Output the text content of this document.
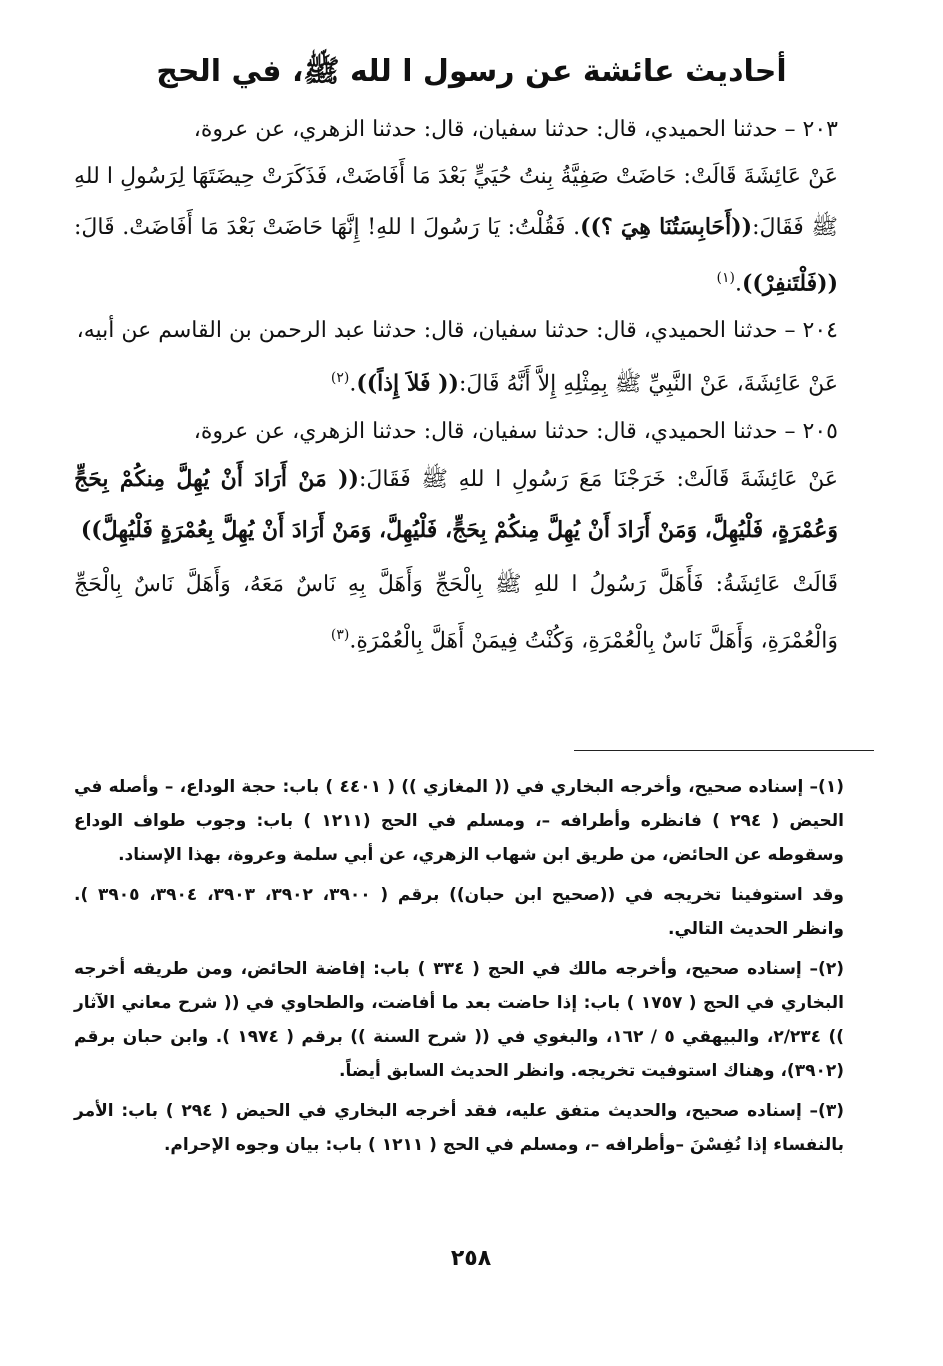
أحاديث عائشة عن رسول ا لله ﷺ، في الحج

٢٠٣ – حدثنا الحميدي، قال: حدثنا سفيان، قال: حدثنا الزهري، عن عروة،

عَنْ عَائِشَةَ قَالَتْ: حَاضَتْ صَفِيَّةُ بِنتُ حُيَيٍّ بَعْدَ مَا أَفَاضَتْ، فَذَكَرَتْ حِيضَتَهَا لِرَسُولِ ا للهِ ﷺ فَقَالَ:((أَحَابِسَتُنَا هِيَ ؟)). فَقُلْتُ: يَا رَسُولَ ا للهِ! إِنَّهَا حَاضَتْ بَعْدَ مَا أَفَاضَتْ. قَالَ:((فَلْتَنفِرْ)).$^{(١)}$

٢٠٤ – حدثنا الحميدي، قال: حدثنا سفيان، قال: حدثنا عبد الرحمن بن القاسم عن أبيه،

عَنْ عَائِشَةَ، عَنْ النَّبِيِّ ﷺ بِمِثْلِهِ إِلاَّ أَنَّهُ قَالَ:(( فَلاَ إِذاً)).$^{(٢)}$

٢٠٥ – حدثنا الحميدي، قال: حدثنا سفيان، قال: حدثنا الزهري، عن عروة،

عَنْ عَائِشَةَ قَالَتْ: خَرَجْنَا مَعَ رَسُولِ ا للهِ ﷺ فَقَالَ:(( مَنْ أَرَادَ أَنْ يُهِلَّ مِنكُمْ بِحَجٍّ وَعُمْرَةٍ، فَلْيُهِلَّ، وَمَنْ أَرَادَ أَنْ يُهِلَّ مِنكُمْ بِحَجٍّ، فَلْيُهِلَّ، وَمَنْ أَرَادَ أَنْ يُهِلَّ بِعُمْرَةٍ فَلْيُهِلَّ))

قَالَتْ عَائِشَةُ: فَأَهَلَّ رَسُولُ ا للهِ ﷺ بِالْحَجِّ وَأَهَلَّ بِهِ نَاسٌ مَعَهُ، وَأَهَلَّ نَاسٌ بِالْحَجِّ وَالْعُمْرَةِ، وَأَهَلَّ نَاسٌ بِالْعُمْرَةِ، وَكُنْتُ فِيمَنْ أَهَلَّ بِالْعُمْرَةِ.$^{(٣)}$

(١)– إسناده صحيح، وأخرجه البخاري في (( المغازي )) ( ٤٤٠١ ) باب: حجة الوداع، – وأصله في الحيض ( ٢٩٤ ) فانظره وأطرافه –، ومسلم في الحج (١٢١١ ) باب: وجوب طواف الوداع وسقوطه عن الحائض، من طريق ابن شهاب الزهري، عن أبي سلمة وعروة، بهذا الإسناد.

وقد استوفينا تخريجه في ((صحيح ابن حبان)) برقم ( ٣٩٠٠، ٣٩٠٢، ٣٩٠٣، ٣٩٠٤، ٣٩٠٥ ). وانظر الحديث التالي.

(٢)– إسناده صحيح، وأخرجه مالك في الحج ( ٣٣٤ ) باب: إفاضة الحائض، ومن طريقه أخرجه البخاري في الحج ( ١٧٥٧ ) باب: إذا حاضت بعد ما أفاضت، والطحاوي في (( شرح معاني الآثار )) ٢/٢٣٤، والبيهقي ٥ / ١٦٢، والبغوي في (( شرح السنة )) برقم ( ١٩٧٤ ). وابن حبان برقم (٣٩٠٢)، وهناك استوفيت تخريجه. وانظر الحديث السابق أيضاً.

(٣)– إسناده صحيح، والحديث متفق عليه، فقد أخرجه البخاري في الحيض ( ٢٩٤ ) باب: الأمر بالنفساء إذا نُفِسْنَ –وأطرافه –، ومسلم في الحج ( ١٢١١ ) باب: بيان وجوه الإحرام.

٢٥٨
